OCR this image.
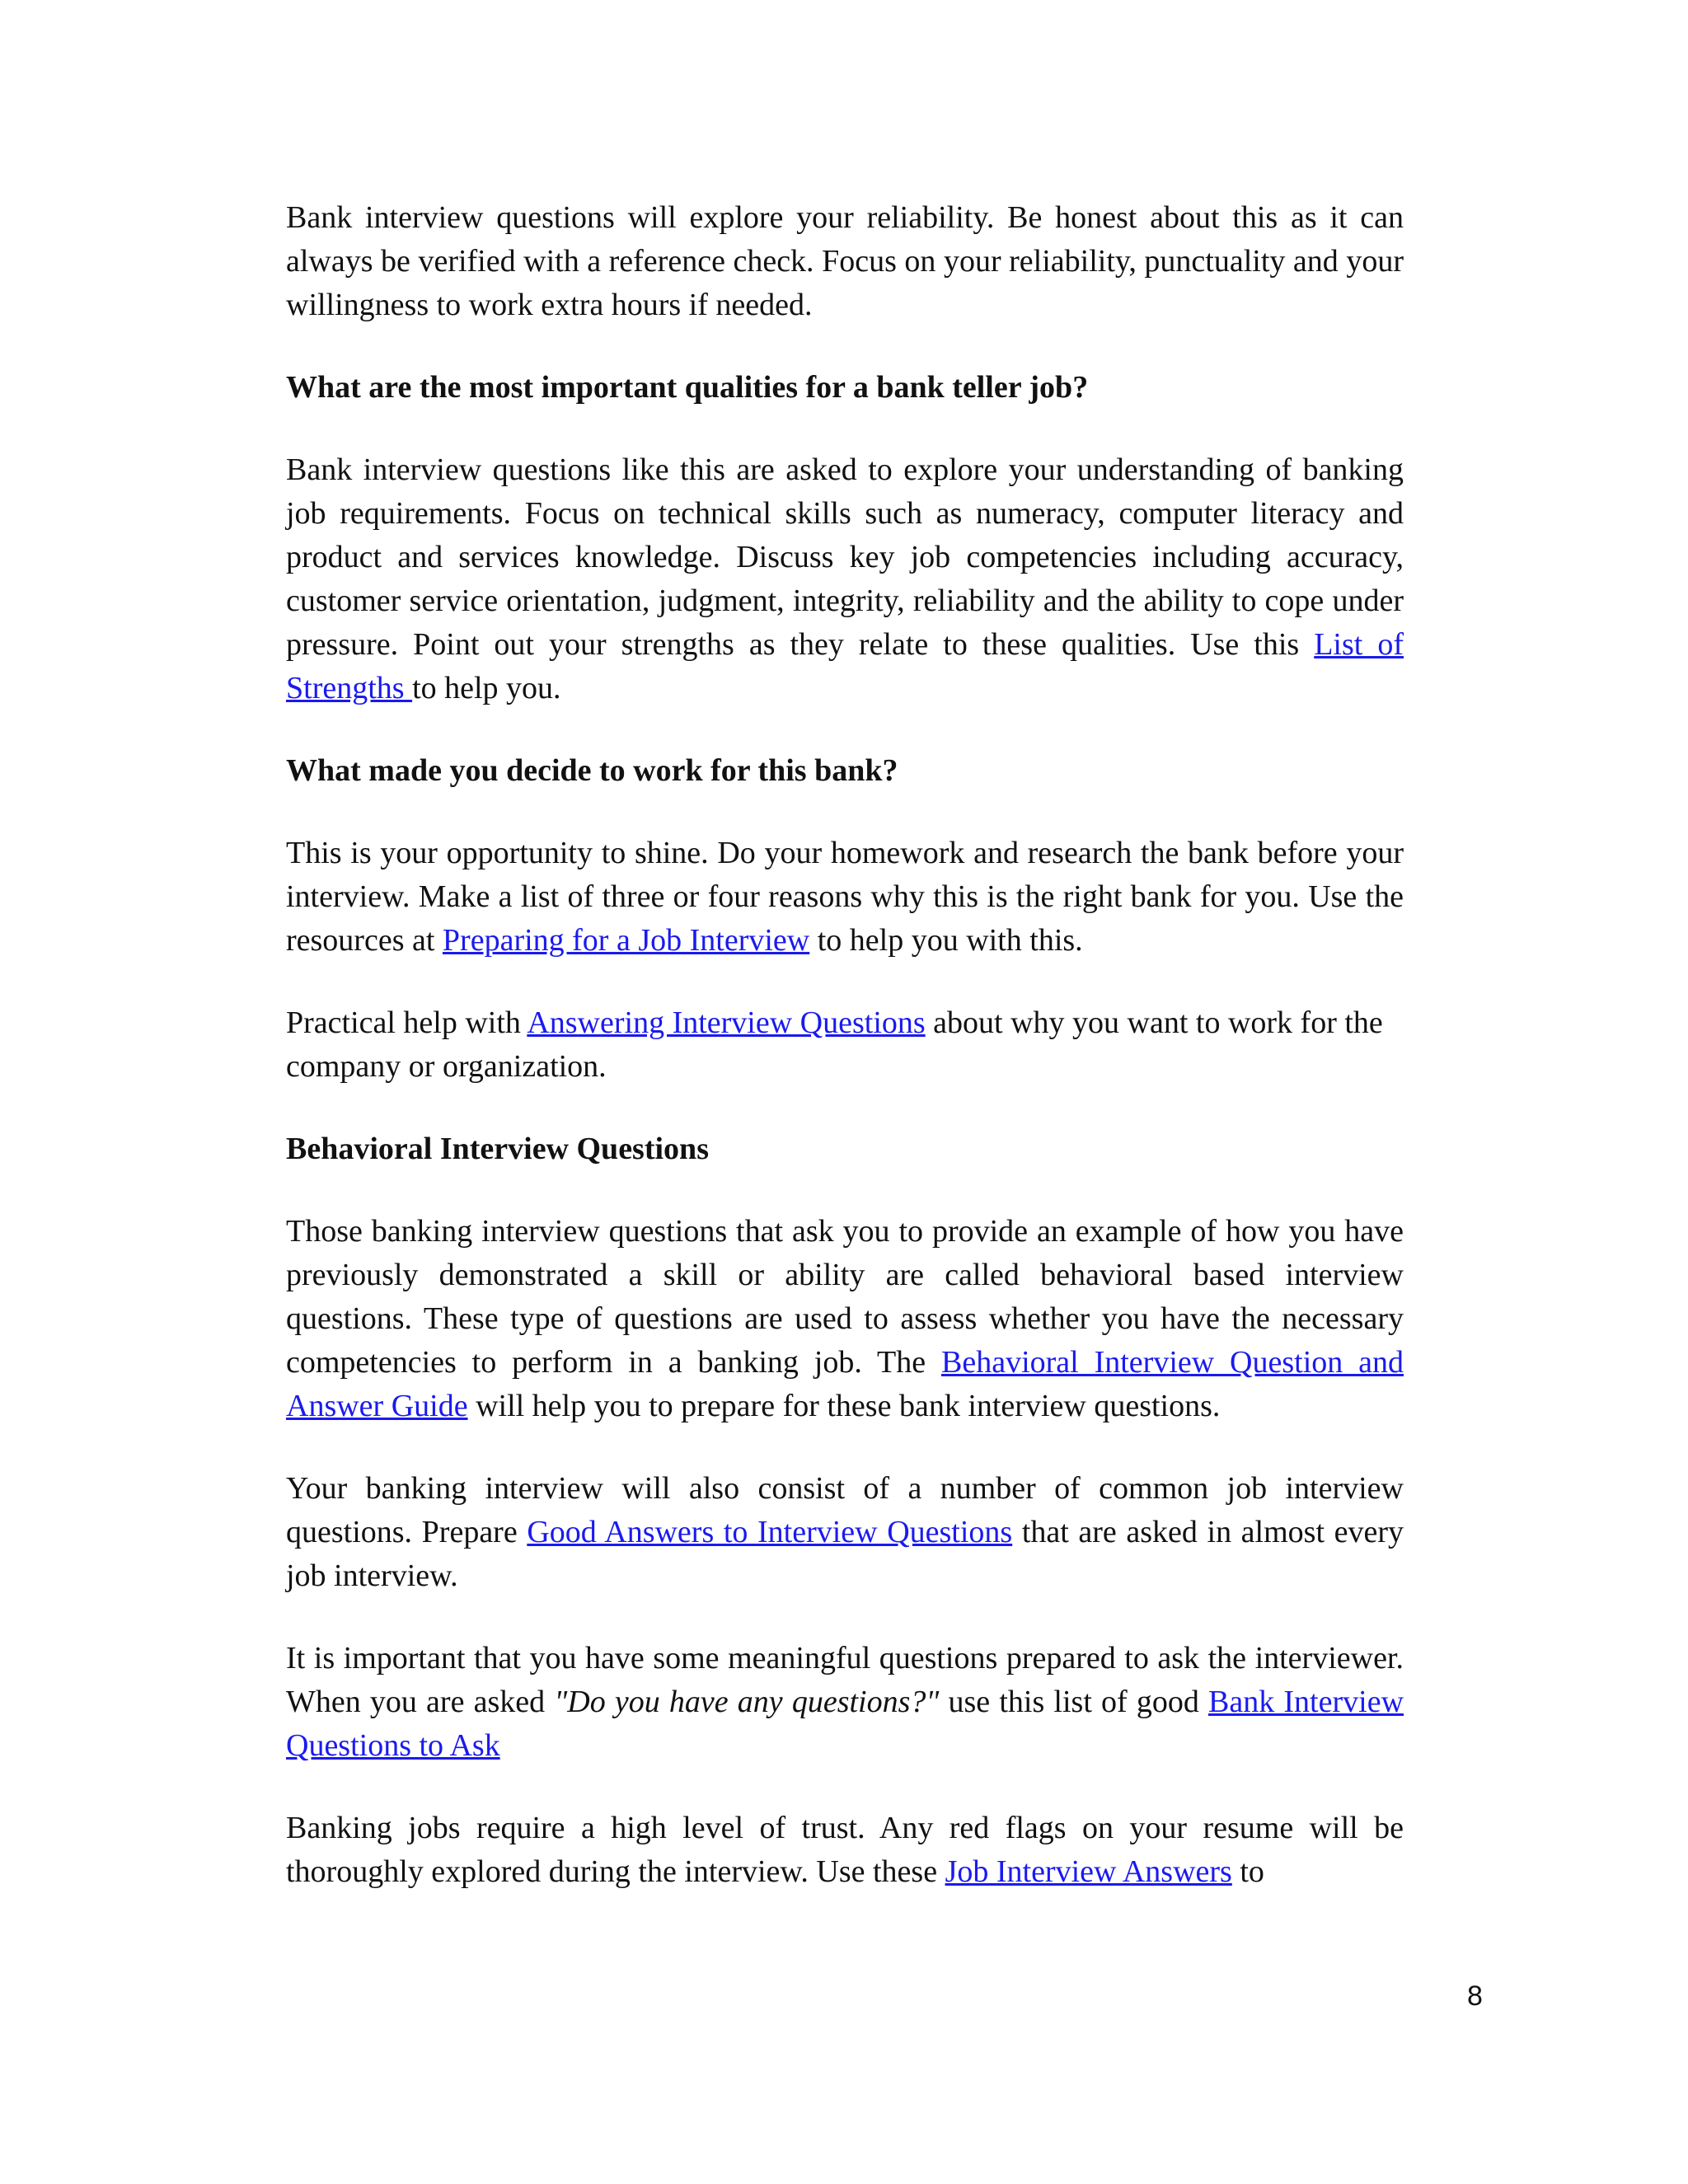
Bank interview questions will explore your reliability. Be honest about this as it can always be verified with a reference check. Focus on your reliability, punctuality and your willingness to work extra hours if needed.

What are the most important qualities for a bank teller job?

Bank interview questions like this are asked to explore your understanding of banking job requirements. Focus on technical skills such as numeracy, computer literacy and product and services knowledge. Discuss key job competencies including accuracy, customer service orientation, judgment, integrity, reliability and the ability to cope under pressure. Point out your strengths as they relate to these qualities. Use this List of Strengths to help you.

What made you decide to work for this bank?

This is your opportunity to shine. Do your homework and research the bank before your interview. Make a list of three or four reasons why this is the right bank for you. Use the resources at Preparing for a Job Interview to help you with this.

Practical help with Answering Interview Questions about why you want to work for the company or organization.

Behavioral Interview Questions

Those banking interview questions that ask you to provide an example of how you have previously demonstrated a skill or ability are called behavioral based interview questions. These type of questions are used to assess whether you have the necessary competencies to perform in a banking job. The Behavioral Interview Question and Answer Guide will help you to prepare for these bank interview questions.

Your banking interview will also consist of a number of common job interview questions. Prepare Good Answers to Interview Questions that are asked in almost every job interview.

It is important that you have some meaningful questions prepared to ask the interviewer. When you are asked "Do you have any questions?" use this list of good Bank Interview Questions to Ask

Banking jobs require a high level of trust. Any red flags on your resume will be thoroughly explored during the interview. Use these Job Interview Answers to

8
